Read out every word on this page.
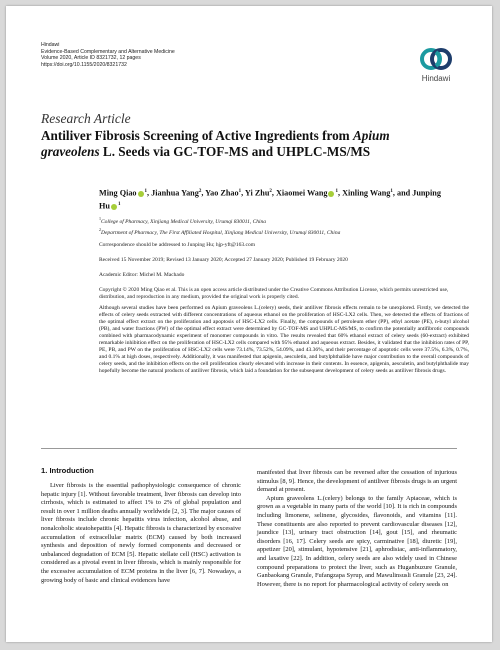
Hindawi
Evidence-Based Complementary and Alternative Medicine
Volume 2020, Article ID 8321732, 12 pages
https://doi.org/10.1155/2020/8321732
Hindawi
Research Article
Antiliver Fibrosis Screening of Active Ingredients from Apium graveolens L. Seeds via GC-TOF-MS and UHPLC-MS/MS
Ming Qiao $^1$, Jianhua Yang$^2$, Yao Zhao$^1$, Yi Zhu$^2$, Xiaomei Wang $^1$, Xinling Wang$^1$, and Junping Hu $^1$
$^1$College of Pharmacy, Xinjiang Medical University, Urumqi 830011, China
$^2$Department of Pharmacy, The First Affiliated Hospital, Xinjiang Medical University, Urumqi 830011, China
Correspondence should be addressed to Junping Hu; hjp-yft@163.com
Received 15 November 2019; Revised 13 January 2020; Accepted 27 January 2020; Published 19 February 2020
Academic Editor: Michel M. Machado
Copyright © 2020 Ming Qiao et al. This is an open access article distributed under the Creative Commons Attribution License, which permits unrestricted use, distribution, and reproduction in any medium, provided the original work is properly cited.
Although several studies have been performed on Apium graveolens L.(celery) seeds, their antiliver fibrosis effects remain to be unexplored. Firstly, we detected the effects of celery seeds extracted with different concentrations of aqueous ethanol on the proliferation of HSC-LX2 cells. Then, we detected the effects of fractions of the optimal effect extract on the proliferation and apoptosis of HSC-LX2 cells. Finally, the compounds of petroleum ether (PP), ethyl acetate (PE), n-butyl alcohol (PB), and water fractions (PW) of the optimal effect extract were determined by GC-TOF-MS and UHPLC-MS/MS, to confirm the potentially antifibrotic compounds combined with pharmacodynamic experiment of monomer compounds in vitro. The results revealed that 60% ethanol extract of celery seeds (60-extract) exhibited remarkable inhibition effect on the proliferation of HSC-LX2 cells compared with 95% ethanol and aqueous extract. Besides, it validated that the inhibition rates of PP, PE, PB, and PW on the proliferation of HSC-LX2 cells were 73.14%, 73.52%, 54.09%, and 43.36%, and their percentage of apoptotic cells were 37.5%, 6.3%, 0.7%, and 0.1% at high doses, respectively. Additionally, it was manifested that apigenin, aesculetin, and butylphthalide have major contribution to the overall compounds of celery seeds, and the inhibition effects on the cell proliferation clearly elevated with increase in their contents. In essence, apigenin, aesculetin, and butylphthalide may hopefully become the natural products of antiliver fibrosis, which laid a foundation for the subsequent development of celery seeds as antiliver fibrosis drugs.
1. Introduction

Liver fibrosis is the essential pathophysiologic consequence of chronic hepatic injury [1]. Without favorable treatment, liver fibrosis can develop into cirrhosis, which is estimated to affect 1% to 2% of global population and result in over 1 million deaths annually worldwide [2, 3]. The major causes of liver fibrosis include chronic hepatitis virus infection, alcohol abuse, and nonalcoholic steatohepatitis [4]. Hepatic fibrosis is characterized by excessive accumulation of extracellular matrix (ECM) caused by both increased synthesis and deposition of newly formed components and decreased or unbalanced degradation of ECM [5]. Hepatic stellate cell (HSC) activation is considered as a pivotal event in liver fibrosis, which is mainly responsible for the excessive accumulation of ECM proteins in the liver [6, 7]. Nowadays, a growing body of basic and clinical evidences have

manifested that liver fibrosis can be reversed after the cessation of injurious stimulus [8, 9]. Hence, the development of antiliver fibrosis drugs is an urgent demand at present.

Apium graveolens L.(celery) belongs to the family Apiaceae, which is grown as a vegetable in many parts of the world [10]. It is rich in compounds including limonene, selinene, glycosides, flavonoids, and vitamins [11]. These constituents are also reported to prevent cardiovascular diseases [12], jaundice [13], urinary tract obstruction [14], gout [15], and rheumatic disorders [16, 17]. Celery seeds are spicy, carminative [18], diuretic [19], appetizer [20], stimulant, hypotensive [21], aphrodisiac, anti-inflammatory, and laxative [22]. In addition, celery seeds are also widely used in Chinese compound preparations to protect the liver, such as Huganbuzure Granule, Ganbaokang Granule, Fufangzapa Syrup, and Mawulinsusli Granule [23, 24]. However, there is no report for pharmacological activity of celery seeds on
